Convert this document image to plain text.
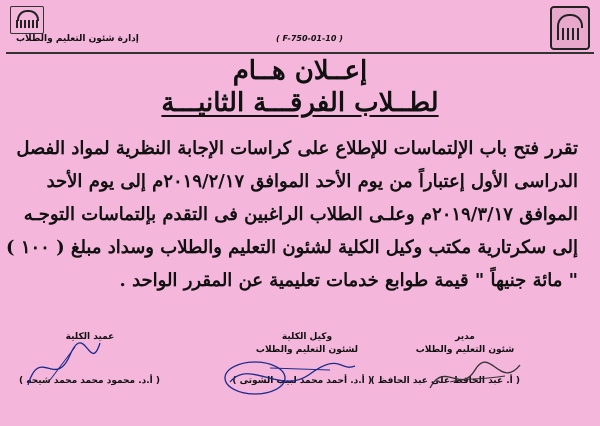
( F-750-01-10 )
إدارة شئون التعليم والطلاب
إعــلان هــام
لطــلاب الفرقـــة الثانيـــة
تقرر فتح باب الإلتماسات للإطلاع على كراسات الإجابة النظرية لمواد الفصل
الدراسى الأول إعتباراً من يوم الأحد الموافق ٢٠١٩/٢/١٧م إلى يوم الأحد
الموافق ٢٠١٩/٣/١٧م وعلـى الطلاب الراغبين فى التقدم بإلتماسات التوجـه
إلى سكرتارية مكتب وكيل الكلية لشئون التعليم والطلاب وسداد مبلغ ( ١٠٠ )
" مائة جنيهاً " قيمة طوابع خدمات تعليمية عن المقرر الواحد .
مدير
شئون التعليم والطلاب
( أ. عبد الحافظ على عبد الحافظ )
وكيل الكلية
لشئون التعليم والطلاب
( أ.د. أحمد محمد لبيب الشوتى )
عميد الكلية
( أ.د. محمود محمد محمد شيحه )
